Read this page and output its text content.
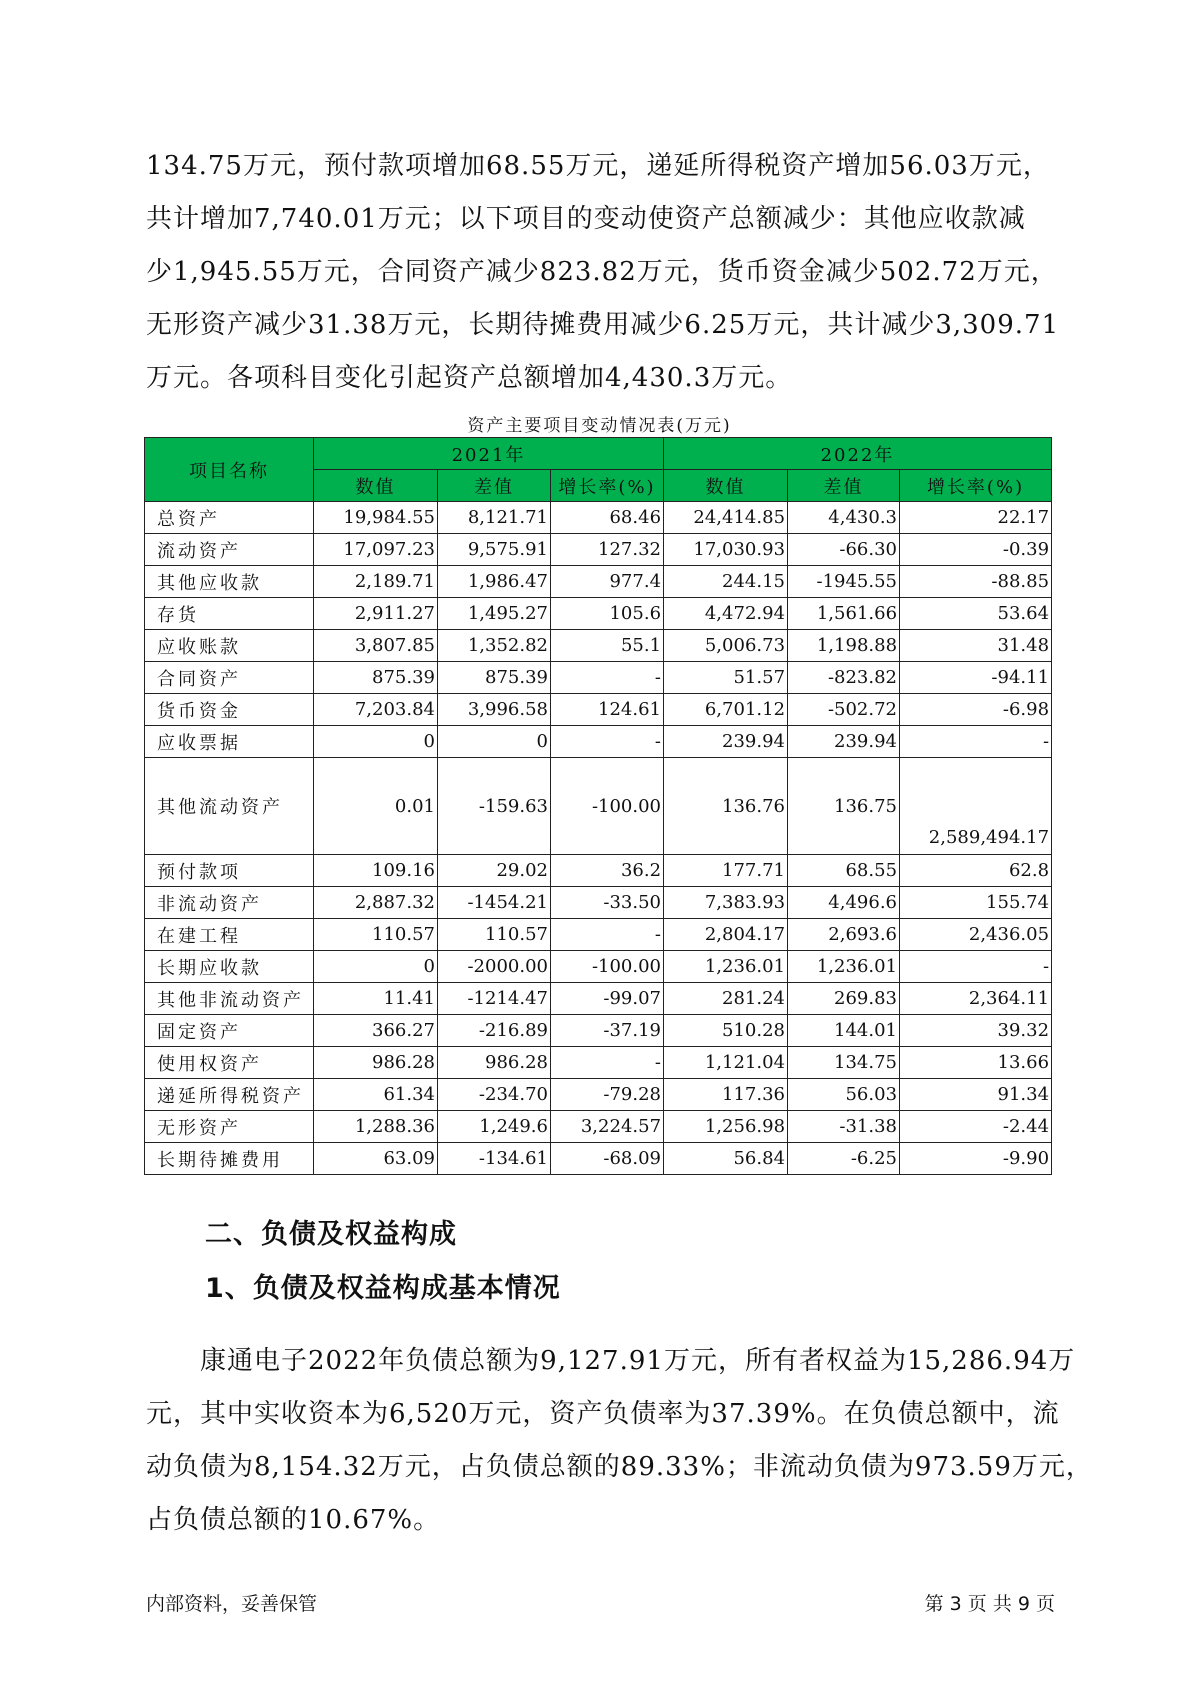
134.75万元，预付款项增加68.55万元，递延所得税资产增加56.03万元，
共计增加7,740.01万元；以下项目的变动使资产总额减少：其他应收款减
少1,945.55万元，合同资产减少823.82万元，货币资金减少502.72万元，
无形资产减少31.38万元，长期待摊费用减少6.25万元，共计减少3,309.71
万元。各项科目变化引起资产总额增加4,430.3万元。
资产主要项目变动情况表(万元)
项目名称	2021年			2022年		
	数值	差值	增长率(%)	数值	差值	增长率(%)
总资产	19,984.55	8,121.71	68.46	24,414.85	4,430.3	22.17
流动资产	17,097.23	9,575.91	127.32	17,030.93	-66.30	-0.39
其他应收款	2,189.71	1,986.47	977.4	244.15	-1945.55	-88.85
存货	2,911.27	1,495.27	105.6	4,472.94	1,561.66	53.64
应收账款	3,807.85	1,352.82	55.1	5,006.73	1,198.88	31.48
合同资产	875.39	875.39	-	51.57	-823.82	-94.11
货币资金	7,203.84	3,996.58	124.61	6,701.12	-502.72	-6.98
应收票据	0	0	-	239.94	239.94	-
其他流动资产	0.01	-159.63	-100.00	136.76	136.75	2,589,494.17
预付款项	109.16	29.02	36.2	177.71	68.55	62.8
非流动资产	2,887.32	-1454.21	-33.50	7,383.93	4,496.6	155.74
在建工程	110.57	110.57	-	2,804.17	2,693.6	2,436.05
长期应收款	0	-2000.00	-100.00	1,236.01	1,236.01	-
其他非流动资产	11.41	-1214.47	-99.07	281.24	269.83	2,364.11
固定资产	366.27	-216.89	-37.19	510.28	144.01	39.32
使用权资产	986.28	986.28	-	1,121.04	134.75	13.66
递延所得税资产	61.34	-234.70	-79.28	117.36	56.03	91.34
无形资产	1,288.36	1,249.6	3,224.57	1,256.98	-31.38	-2.44
长期待摊费用	63.09	-134.61	-68.09	56.84	-6.25	-9.90
二、负债及权益构成
1、负债及权益构成基本情况
康通电子2022年负债总额为9,127.91万元，所有者权益为15,286.94万
元，其中实收资本为6,520万元，资产负债率为37.39%。在负债总额中，流
动负债为8,154.32万元，占负债总额的89.33%；非流动负债为973.59万元，
占负债总额的10.67%。
内部资料，妥善保管	第 3 页 共 9 页
